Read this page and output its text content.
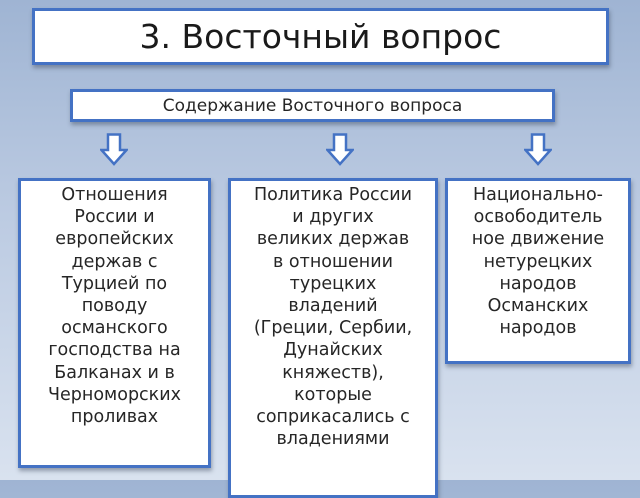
3. Восточный вопрос
Содержание Восточного вопроса
Отношения
России и
европейских
держав с
Турцией по
поводу
османского
господства на
Балканах и в
Черноморских
проливах
Политика России
и других
великих держав
в отношении
турецких
владений
(Греции, Сербии,
Дунайских
княжеств),
которые
соприкасались с
владениями
Национально-
освободитель
ное движение
нетурецких
народов
Османских
народов
